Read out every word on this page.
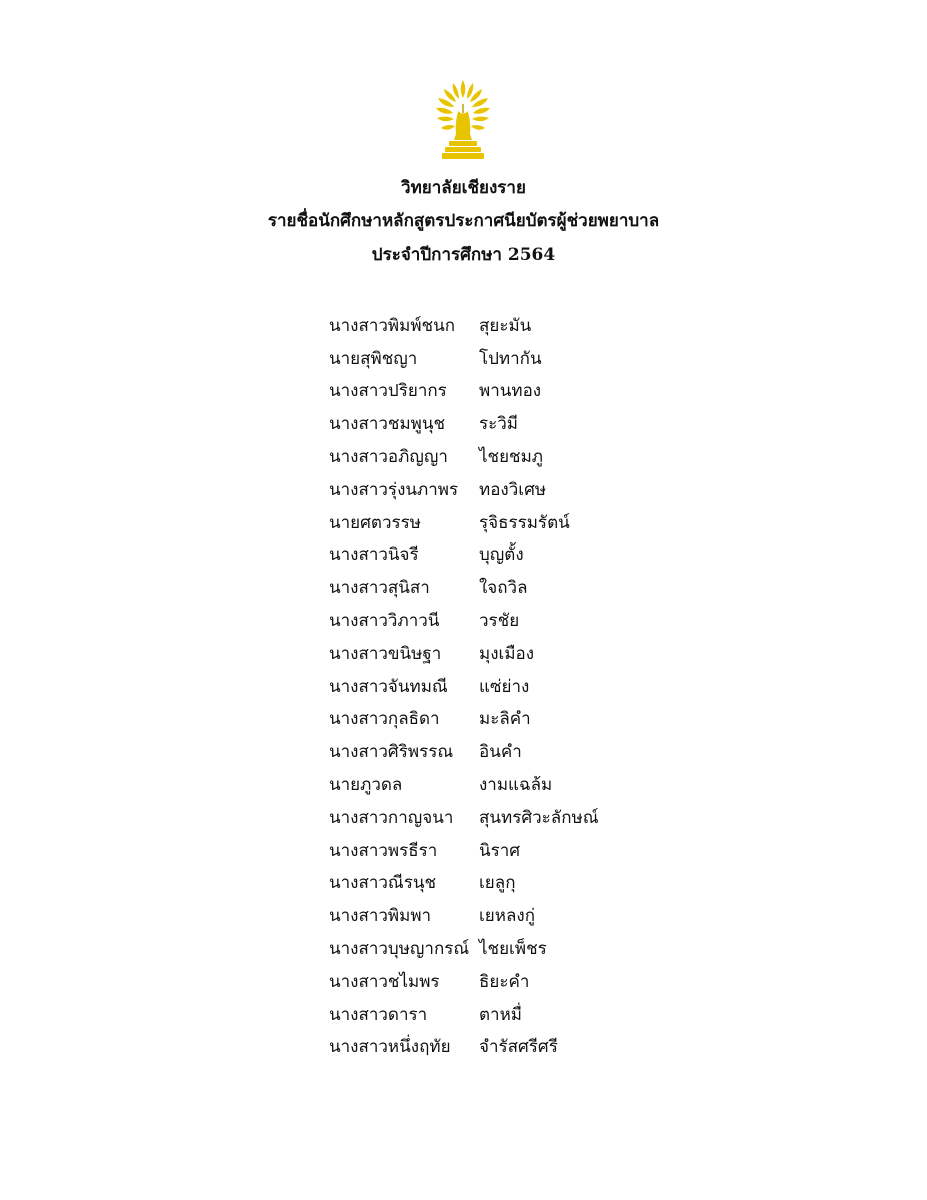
วิทยาลัยเชียงราย
รายชื่อนักศึกษาหลักสูตรประกาศนียบัตรผู้ช่วยพยาบาล
ประจำปีการศึกษา 2564
นางสาวพิมพ์ชนก	สุยะมัน
นายสุพิชญา	โปทากัน
นางสาวปริยากร	พานทอง
นางสาวชมพูนุช	ระวิมี
นางสาวอภิญญา	ไชยชมภู
นางสาวรุ่งนภาพร	ทองวิเศษ
นายศตวรรษ	รุจิธรรมรัตน์
นางสาวนิจรี	บุญตั้ง
นางสาวสุนิสา	ใจถวิล
นางสาววิภาวนี	วรชัย
นางสาวขนิษฐา	มุงเมือง
นางสาวจันทมณี	แซ่ย่าง
นางสาวกุลธิดา	มะลิคำ
นางสาวศิริพรรณ	อินคำ
นายภูวดล	งามแฉล้ม
นางสาวกาญจนา	สุนทรศิวะลักษณ์
นางสาวพรธีรา	นิราศ
นางสาวณีรนุช	เยลูกุ
นางสาวพิมพา	เยหลงกู่
นางสาวบุษญากรณ์ ไชยเพ็ชร
นางสาวชไมพร	ธิยะคำ
นางสาวดารา	ตาหมื่
นางสาวหนึ่งฤทัย	จำรัสศรีศรี
